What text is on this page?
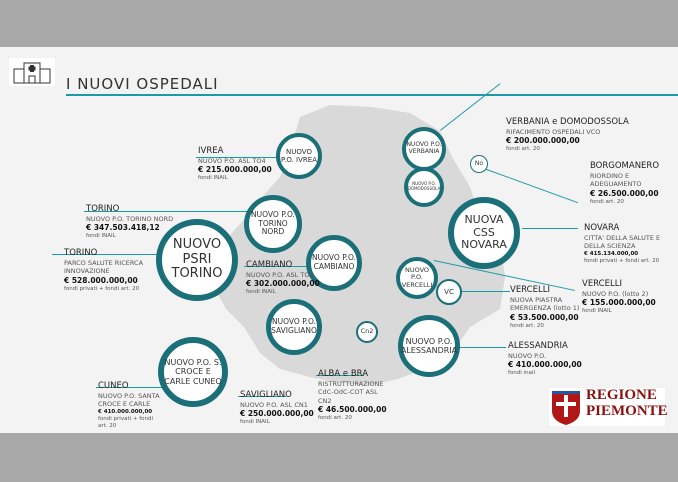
I NUOVI OSPEDALI
NUOVO P.O. IVREA
NUOVO P.O. TORINO NORD
NUOVO PSRI TORINO
NUOVO P.O. CAMBIANO
NUOVO P.O. SAVIGLIANO
NUOVO P.O. S. CROCE E CARLE CUNEO
Cn2
NUOVO P.O. VERBANIA
NUOVO P.O. DOMODOSSOLA
No
NUOVA CSS NOVARA
NUOVO P.O. VERCELLI
VC
NUOVO P.O. ALESSANDRIA
IVREA
NUOVO P.O. ASL TO4
€ 215.000.000,00
fondi INAIL
TORINO
NUOVO P.O. TORINO NORD
€ 347.503.418,12
fondi INAIL
TORINO
PARCO SALUTE RICERCA INNOVAZIONE
€ 528.000.000,00
fondi privati + fondi art. 20
CAMBIANO
NUOVO P.O. ASL TO5
€ 302.000.000,00
fondi INAIL
CUNEO
NUOVO P.O. SANTA CROCE E CARLE
€ 410.000.000,00
fondi privati + fondi art. 20
SAVIGLIANO
NUOVO P.O. ASL CN1
€ 250.000.000,00
fondi INAIL
ALBA e BRA
RISTRUTTURAZIONE CdC-OdC-COT ASL CN2
€ 46.500.000,00
fondi art. 20
VERBANIA e DOMODOSSOLA
RIFACIMENTO OSPEDALI VCO
€ 200.000.000,00
fondi art. 20
BORGOMANERO
RIORDINO E ADEGUAMENTO
€ 26.500.000,00
fondi art. 20
NOVARA
CITTA' DELLA SALUTE E DELLA SCIENZA
€ 415.134.000,00
fondi privati + fondi art. 20
VERCELLI
NUOVA PIASTRA EMERGENZA (lotto 1)
€ 53.500.000,00
fondi art. 20
VERCELLI
NUOVO P.O. (lotto 2)
€ 155.000.000,00
fondi INAIL
ALESSANDRIA
NUOVO P.O.
€ 410.000.000,00
fondi inail
REGIONE
PIEMONTE
